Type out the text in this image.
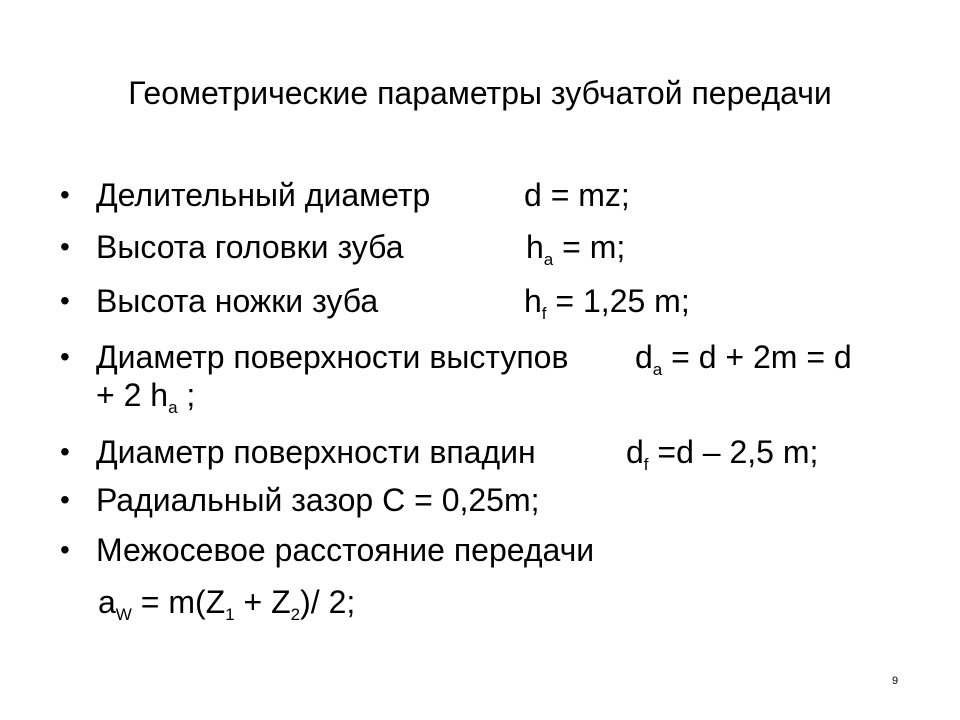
Геометрические параметры зубчатой передачи
• Делительный диаметр	d = mz;
• Высота головки зуба	$h_a = m$;
• Высота ножки зуба	$h_f = 1,25$ m;
• Диаметр поверхности выступов $d_a = d + 2m = d$
+ 2 $h_a$ ;
• Диаметр поверхности впадин	$d_f =d - 2,5$ m;
• Радиальный зазор С = 0,25m;
• Межосевое расстояние передачи
$a_W = m(Z_1 + Z_2)/$ 2;
9
